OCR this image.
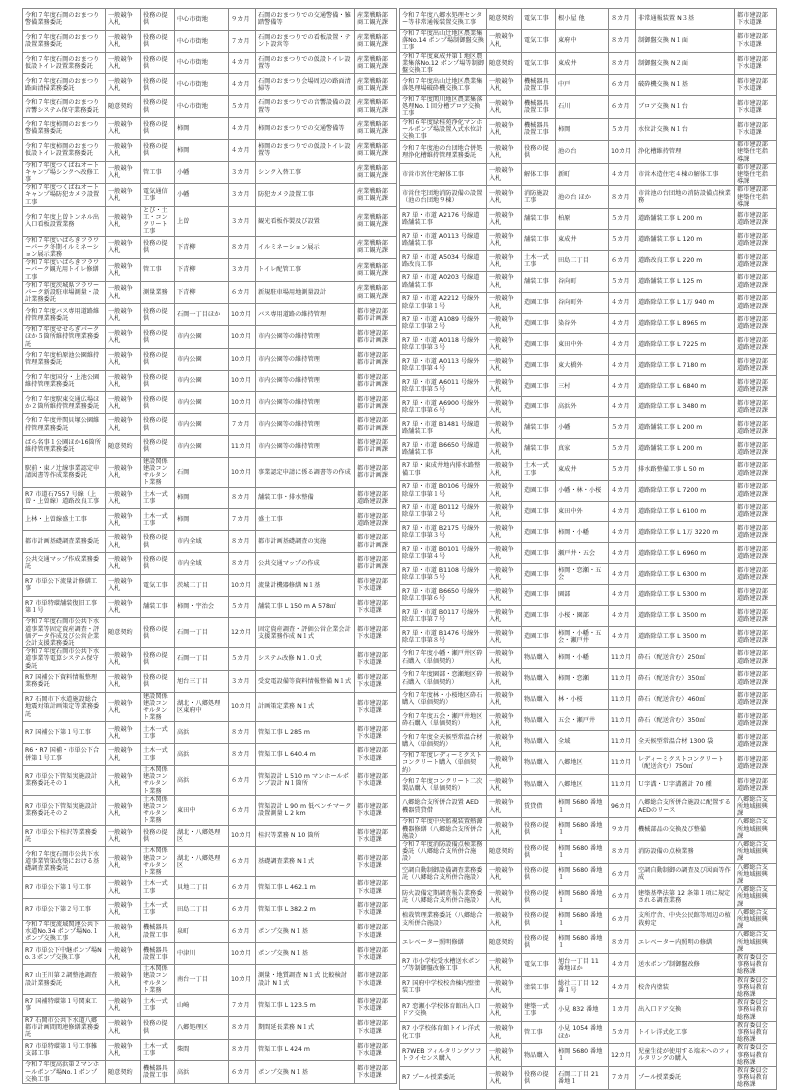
令和７年度石岡のおまつり警備業務委託	一般競争入札	役務の提供	中心市街地	９カ月	石岡のおまつりでの交通警備・雑踏警備等	産業戦略部商工観光課
令和７年度石岡のおまつり設置業務委託	一般競争入札	役務の提供	中心市街地	７カ月	石岡のおまつりでの看板設置・テント設営等	産業戦略部商工観光課
令和７年度石岡のおまつり仮設トイレ設置業務委託	一般競争入札	役務の提供	中心市街地	４カ月	石岡のおまつりでの仮設トイレ設置等	産業戦略部商工観光課
令和７年度石岡のおまつり路面清掃業務委託	一般競争入札	役務の提供	中心市街地	４カ月	石岡のおまつり会場周辺の路面清掃等	産業戦略部商工観光課
令和７年度石岡のおまつり音響システム保守業務委託	随意契約	役務の提供	中心市街地	５カ月	石岡のおまつりでの音響設備の設置等	産業戦略部商工観光課
令和７年度柿岡のおまつり警備業務委託	一般競争入札	役務の提供	柿岡	４カ月	柿岡のおまつりでの交通警備等	産業戦略部商工観光課
令和７年度柿岡のおまつり仮設トイレ設置業務委託	一般競争入札	役務の提供	柿岡	４カ月	柿岡のおまつりでの仮設トイレ設置等	産業戦略部商工観光課
令和７年度つくばねオートキャンプ場シンクへ改修工事	一般競争入札	管工事	小幡	３カ月	シンク入替工事	産業戦略部商工観光課
令和７年度つくばねオートキャンプ場防犯カメラ設置工事	一般競争入札	電気通信工事	小幡	３カ月	防犯カメラ設置工事	産業戦略部商工観光課
令和７年度上曽トンネル出入口看板設置業務	一般競争入札	とび・土工・コンクリート工事	上曽	３カ月	観光看板作製及び設置	産業戦略部商工観光課
令和７年度いばらきフラワーパーク冬期イルミネーション展示業務	一般競争入札	役務の提供	下青柳	８カ月	イルミネーション展示	産業戦略部商工観光課
令和７年度いばらきフラワーパーク観光用トイレ修繕工事	一般競争入札	管工事	下青柳	３カ月	トイレ配管工事	産業戦略部商工観光課
令和７年度茨城県フラワーパーク新設駐車場測量・設計業務委託	一般競争入札	測量業務	下青柳	６カ月	新規駐車場用地測量設計	産業戦略部商工観光課
令和７年度バス専用道路維持管理業務委託	一般競争入札	役務の提供	石岡一丁目ほか	10カ月	バス専用道路の維持管理	都市建設部都市計画課
令和７年度せせらぎパークほか５箇所維持管理業務委託	一般競争入札	役務の提供	市内公園	10カ月	市内公園等の維持管理	都市建設部都市計画課
令和７年度柏原池公園維持管理業務委託	一般競争入札	役務の提供	市内公園	10カ月	市内公園等の維持管理	都市建設部都市計画課
令和７年度国分・上池公園維持管理業務委託	一般競争入札	役務の提供	市内公園	10カ月	市内公園等の維持管理	都市建設部都市計画課
令和７年度駅東交通広場ほか２箇所維持管理業務委託	一般競争入札	役務の提供	市内公園	10カ月	市内公園等の維持管理	都市建設部都市計画課
令和７年度井関貝塚公園維持管理業務委託	一般競争入札	役務の提供	市内公園	７カ月	市内公園等の維持管理	都市建設部都市計画課
ばら名事１公園ほか16箇所維持管理業務委託	随意契約	役務の提供	市内公園	11カ月	市内公園等の維持管理	都市建設部都市計画課
駅前・東ノ辻線事業認定申請図書等作成業務委託	一般競争入札	建設関係建設コンサルタント業務	石岡	10カ月	事業認定申請に係る調書等の作成	都市建設部都市計画課
R7 市道石7557 号線（上曽・上曽線）道路改良工事	一般競争入札	土木一式工事	柿岡	８カ月	舗装工事・排水整備	都市建設部道路建設課
上林・上曽線盛土工事	一般競争入札	土木一式工事	柿岡	７カ月	盛土工事	都市建設部道路建設課
都市計画基礎調査業務委託	一般競争入札	役務の提供	市内全域	８カ月	都市計画基礎調査の実施	都市建設部都市計画課
公共交通マップ作成業務委託	一般競争入札	役務の提供	市内全域	８カ月	公共交通マップの作成	都市建設部都市計画課
R7 市単公下流量計修繕工事	一般競争入札	電気工事	茨城二丁目	10カ月	流量計機器修繕 N１基	都市建設部下水道課
R7 市単特環舗装復旧工事第１号	一般競争入札	舗装工事	柿岡・宇治会	５カ月	舗装工事 L 150 m A 578㎡	都市建設部下水道課
令和７年度石岡市公共下水道事業等固定資産調査・評価データ作成及び公営企業会計支援業務委託	随意契約	役務の提供	石岡一丁目	12カ月	固定資産調査・評価公営企業会計支援業務作成 N１式	都市建設部下水道課
令和７年度石岡市公共下水道事業等電算システム保守委託	一般競争入札	役務の提供	石岡一丁目	５カ月	システム改修 N１.０式	都市建設部下水道課
R7 国補公下資料情報整理業務委託	一般競争入札	役務の提供	旭台三丁目	３カ月	受変電設備等資料情報整備 N１式	都市建設部下水道課
R7 石岡市下水道施設総合地震対策計画策定等業務委託	一般競争入札	建設関係建設コンサルタント業務	湖北・八郷処理区東府中	10カ月	計画策定業務 N１式	都市建設部下水道課
R7 国補公下第１号工事	一般競争入札	土木一式工事	高浜	８カ月	管渠工事 L 285 m	都市建設部下水道課
R6・R7 国補・市単公下合併第１号工事	一般競争入札	土木一式工事	高浜	８カ月	管渠工事 L 640.4 m	都市建設部下水道課
R7 市単公下管渠実施設計業務委託その１	一般競争入札	土木関係建設コンサルタント業務	高浜	６カ月	管渠設計 L 510 m マンホールポンプ設計 N１箇所	都市建設部下水道課
R7 市単公下管渠実施設計業務委託その２	一般競争入札	土木関係建設コンサルタント業務	東田中	６カ月	管渠設計 L 90 m 低ベンチマーク設置測量 L 2 km	都市建設部下水道課
R7 市単公下桂沢等業務委託	一般競争入札	役務の提供	湖北・八郷処理区	10カ月	桂沢等業務 N 10 箇所	都市建設部下水道課
令和７年度石岡市公共下水道事業管渠改築における基礎調査業務委託	一般競争入札	土木関係建設コンサルタント業務	湖北・八郷処理区	６カ月	基礎調査業務 N１式	都市建設部下水道課
R7 市単公下第１号工事	一般競争入札	土木一式工事	貝地二丁目	６カ月	管渠工事 L 462.1 m	都市建設部下水道課
R7 市単公下第２号工事	一般競争入札	土木一式工事	田島二丁目	６カ月	管渠工事 L 382.2 m	都市建設部下水道課
令和７年度流域関連公共下水道No.34 ポンプ場No.１ポンプ交換工事	一般競争入札	機械器具設置工事	泉町	６カ月	ポンプ交換 N１基	都市建設部下水道課
R7 市単公下中継ポンプ場No.３ポンプ交換工事	一般競争入札	機械器具設置工事	中津川	10カ月	ポンプ交換 N１基	都市建設部下水道課
R7 山王川第２調整池調査設計業務委託	一般競争入札	土木関係建設コンサルタント業務	南台一丁目	10カ月	測量・地質調査 N１式 比較検討設計 N１式	都市建設部下水道課
R7 国補特環第１号関東工事	一般競争入札	土木一式工事	山崎	７カ月	管渠工事 L 123.5 m	都市建設部下水道課
R7 石岡市公共下水道八郷都市計画間関連修繕業務委託	一般競争入札	役務の提供	八郷処理区	８カ月	期間延長業務 N１式	都市建設部下水道課
R7 市単特環第１号工事雑支部工事	一般競争入札	土木一式工事	柴間	８カ月	管渠工事 L 424 m	都市建設部下水道課
令和７年度高浜第２マンホールポンプ場No.１ポンプ交換工事	随意契約	機械器具設置工事	高浜	６カ月	ポンプ交換 N１基	都市建設部下水道課
令和７年度八郷水処理センター等非常通報装置交換工事	随意契約	電気工事	根小屋 他	８カ月	非常通報装置 N３基	都市建設部下水道課
令和７年度出山辻地区農業集落No.14 ポンプ場制御盤交換工事	一般競争入札	電気工事	東府中	８カ月	制御盤交換 N１面	都市建設部下水道課
令和７年度東成井第１地区農業集落No.12 ポンプ場等制御盤交換工事	随意契約	電気工事	東成井	８カ月	制御盤交換 N２面	都市建設部下水道課
令和７年度出山辻地区農業集落処理場破砕機交換工事	一般競争入札	機械器具設置工事	中戸	６カ月	破砕機交換 N１基	都市建設部下水道課
令和７年度関川地区農業集落処理No.１回分槽ブロア交換工事	一般競争入札	機械器具設置工事	石川	６カ月	ブロア交換 N１台	都市建設部下水道課
令和６年度緑桂苑浄化マンホールポンプ場設置入式水位計交換工事	一般競争入札	機械器具設置工事	柿岡	５カ月	水位計交換 N１台	都市建設部下水道課
令和７年度池の台団地合併処理浄化槽維持管理業務委託	一般競争入札	役務の提供	池の台	10カ月	浄化槽維持管理	都市建設部建築住宅指導課
市営市宮住宅解体工事	一般競争入札	解体工事	新町	４カ月	市営木造住宅４棟の解体工事	都市建設部建築住宅指導課
市営住宅団地消防設備の設置（池の台団地９棟）	一般競争入札	消防施設工事	池の台 ほか	８カ月	市営池の台団地の消防設備点検業務	都市建設部建築住宅指導課
R7 単・市道 A2176 号線道路舗装工事	一般競争入札	舗装工事	柏原	５カ月	道路舗装工事 L 200 m	都市建設部道路建設課
R7 単・市道 A0113 号線道路舗装工事	一般競争入札	舗装工事	東成井	５カ月	道路舗装工事 L 120 m	都市建設部道路建設課
R7 単・市道 A5034 号線道路改良工事	一般競争入札	土木一式工事	田島二丁目	６カ月	道路改良工事 L 220 m	都市建設部道路建設課
R7 単・市道 A0203 号線道路舗装工事	一般競争入札	舗装工事	谷向町	５カ月	道路舗装工事 L 125 m	都市建設部道路建設課
R7 単・市道 A2212 号線外除草工事第１号	一般競争入札	造園工事	谷向町外	４カ月	道路除草工事 L 1万 940 m	都市建設部道路建設課
R7 単・市道 A1089 号線外除草工事第２号	一般競争入札	造園工事	染谷外	４カ月	道路除草工事 L 8965 m	都市建設部道路建設課
R7 単・市道 A0118 号線外除草工事第３号	一般競争入札	造園工事	東田中外	４カ月	道路除草工事 L 7225 m	都市建設部道路建設課
R7 単・市道 A0113 号線外除草工事第４号	一般競争入札	造園工事	東大橋外	４カ月	道路除草工事 L 7180 m	都市建設部道路建設課
R7 単・市道 A6011 号線外除草工事第５号	一般競争入札	造園工事	三村	４カ月	道路除草工事 L 6840 m	都市建設部道路建設課
R7 単・市道 A6900 号線外除草工事第６号	一般競争入札	造園工事	高浜外	４カ月	道路除草工事 L 3480 m	都市建設部道路建設課
R7 単・市道 B1481 号線道路舗装工事	一般競争入札	舗装工事	小幡	５カ月	道路舗装工事 L 200 m	都市建設部道路建設課
R7 単・市道 B6650 号線道路舗装工事	一般競争入札	舗装工事	真家	５カ月	道路舗装工事 L 200 m	都市建設部道路建設課
R7 単・東成井地内排水路整備工事	一般競争入札	土木一式工事	東成井	５カ月	排水路整備工事 L 50 m	都市建設部道路建設課
R7 単・市道 B0106 号線外除草工事第１号	一般競争入札	造園工事	小幡・林・小桜	４カ月	道路除草工事 L 7200 m	都市建設部道路建設課
R7 単・市道 B0112 号線外除草工事第２号	一般競争入札	造園工事	東田中外	４カ月	道路除草工事 L 6100 m	都市建設部道路建設課
R7 単・市道 B2175 号線外除草工事第３号	一般競争入札	造園工事	柿岡・小幡	４カ月	道路除草工事 L 1万 3220 m	都市建設部道路建設課
R7 単・市道 B0101 号線外除草工事第４号	一般競争入札	造園工事	瀬戸井・五会	４カ月	道路除草工事 L 6960 m	都市建設部道路建設課
R7 単・市道 B1108 号線外除草工事第５号	一般競争入札	造園工事	柿岡・恋瀬・五会	４カ月	道路除草工事 L 6300 m	都市建設部道路建設課
R7 単・市道 B6650 号線外除草工事第６号	一般競争入札	造園工事	園部	４カ月	道路除草工事 L 5300 m	都市建設部道路建設課
R7 単・市道 B0117 号線外除草工事第７号	一般競争入札	造園工事	小桜・園部	４カ月	道路除草工事 L 3500 m	都市建設部道路建設課
R7 単・市道 B1476 号線外除草工事第８号	一般競争入札	造園工事	柿岡・小幡・五会・瀬戸井	４カ月	道路除草工事 L 3500 m	都市建設部道路建設課
令和７年度小幡・瀬戸井区砕石購入（単価契約）	一般競争入札	物品購入	柿岡・小幡	11カ月	砕石（配送含む）250㎥	都市建設部道路建設課
令和７年度園部・恋瀬地区砕石購入（単価契約）	一般競争入札	物品購入	柿岡・恋瀬	11カ月	砕石（配送含む）350㎥	都市建設部道路建設課
令和７年度林・小桜地区砕石購入（単価契約）	一般競争入札	物品購入	林・小桜	11カ月	砕石（配送含む）460㎥	都市建設部道路建設課
令和７年度五会・瀬戸井地区砕石購入（単価契約）	一般競争入札	物品購入	五会・瀬戸井	11カ月	砕石（配送含む）350㎥	都市建設部道路建設課
令和７年度全天候型常温合材購入（単価契約）	一般競争入札	物品購入	全域	11カ月	全天候型常温合材 1300 袋	都市建設部道路建設課
令和７年度レディーミクストコンクリート購入（単価契約）	一般競争入札	物品購入	八郷地区	11カ月	レディーミクストコンクリート（配送含む）750㎥	都市建設部道路建設課
令和７年度コンクリート二次製品購入（単価契約）	一般競争入札	物品購入	八郷地区	11カ月	Ｕ字溝・Ｕ字溝蓋計 70 種	都市建設部道路建設課
八郷総合支所併合設置 AED 機器賃貸借	一般競争入札	賃貸借	柿岡 5680 番地１	96カ月	八郷総合支所併合施設に配置するAEDのリース	八郷総合支所地域振興課
令和７年度中央監視装置熱源機器修繕（八郷総合支所併合施設）	一般競争入札	役務の提供	柿岡 5680 番地１	９カ月	機械部品の交換及び整備	八郷総合支所地域振興課
令和７年度消防設備点検業務委託（八郷総合支所併合施設）	随意契約	役務の提供	柿岡 5680 番地１	８カ月	消防設備の点検業務	八郷総合支所地域振興課
空調自動制御設備調査業務委託（八郷総合支所併合施設）	一般競争入札	役務の提供	柿岡 5680 番地１	６カ月	空調自動制御の調査及び図面等作成	八郷総合支所地域振興課
防火設備定期調査報告業務委託（八郷総合支所併合施設）	一般競争入札	役務の提供	柿岡 5680 番地１	６カ月	建築基準法第 12 条第１項に規定される調査業務	八郷総合支所地域振興課
植栽管理業務委託（八郷総合支所併合施設）	一般競争入札	役務の提供	柿岡 5680 番地１	６カ月	支所庁舎、中央公民館等周辺の植栽剪定	八郷総合支所地域振興課
エレベーター照明修繕	随意契約	役務の提供	柿岡 5680 番地１	８カ月	エレベーター内照明の修繕	八郷総合支所地域振興課
R7 市小学校受水槽送水ポンプ等制御盤改修工事	一般競争入札	電気工事	旭台一丁目 11 番地ほか	４カ月	送水ポンプ制御盤改修	教育委員会事務局教育総務課
R7 国府中学校校舎棟内壁塗装工事	一般競争入札	塗装工事	総社二丁目 12 番１号	４カ月	校舎内塗装	教育委員会事務局教育総務課
R7 恋瀬小学校体育館出入口ドア交換	一般競争入札	建築一式工事	小見 832 番地	１カ月	出入口ドア交換	教育委員会事務局教育総務課
R7 小学校体育館トイレ洋式化工事	一般競争入札	管工事	小見 1054 番地ほか	５カ月	トイレ洋式化工事	教育委員会事務局教育総務課
R7WEB フィルタリングソフトライセンス購入	一般競争入札	物品購入	柿岡 5680 番地１	12カ月	児童生徒が使用する端末へのフィルタリングの購入	教育委員会事務局教育総務課
R7 プール授業委託	一般競争入札	役務の提供	石岡二丁目 21 番地１	７カ月	プール授業委託	教育委員会事務局教育総務課
